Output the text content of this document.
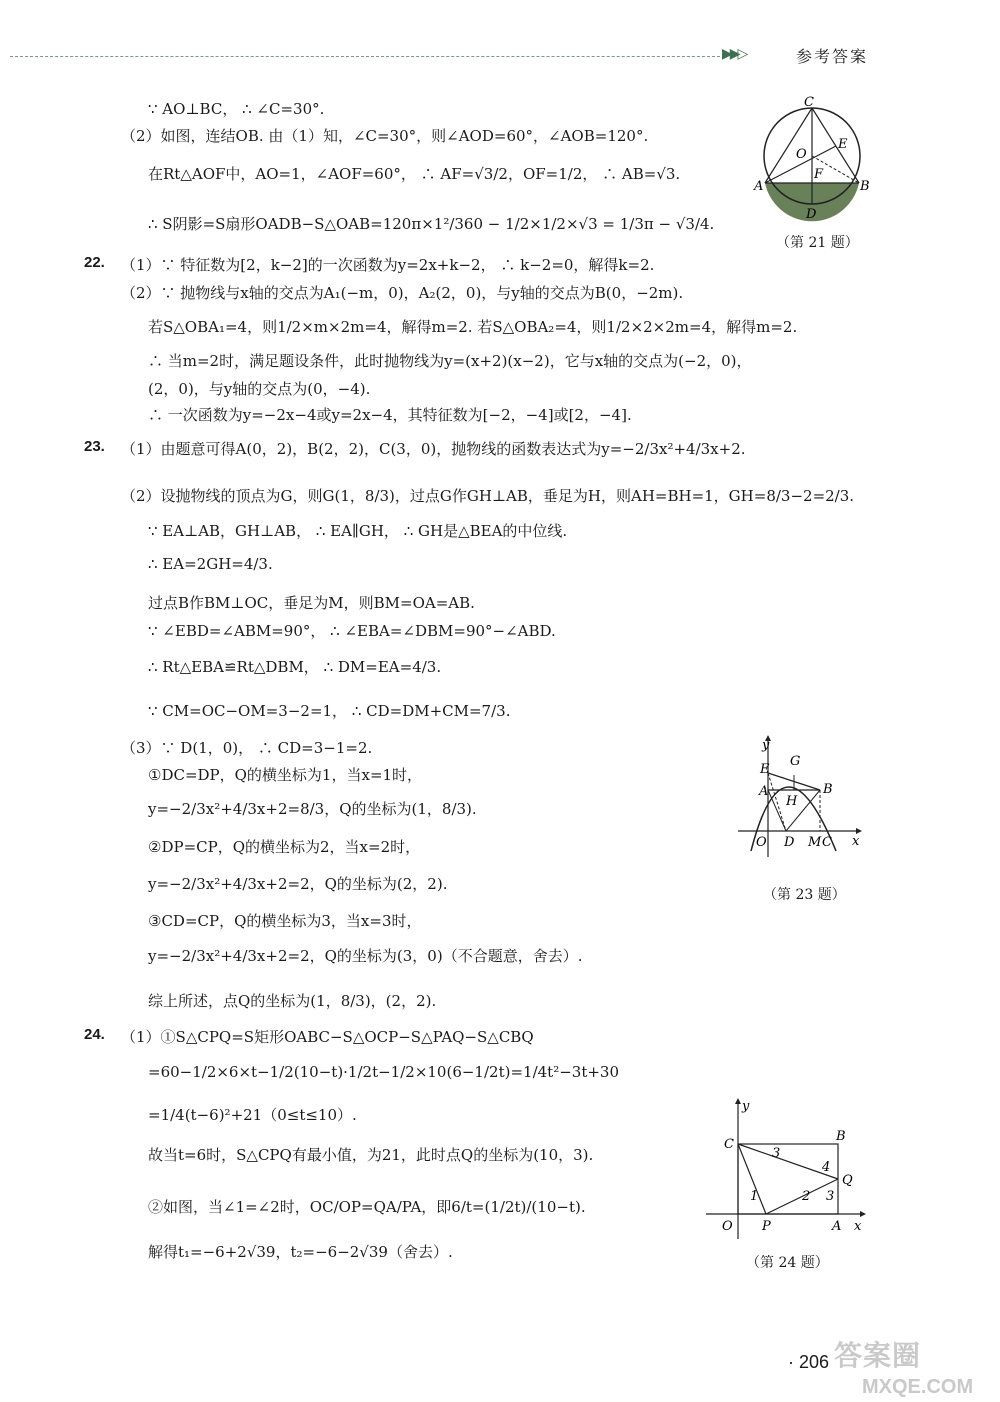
▶▶▷	参考答案
∵ AO⊥BC， ∴ ∠C=30°.
（2）如图，连结OB. 由（1）知，∠C=30°，则∠AOD=60°，∠AOB=120°.
在Rt△AOF中，AO=1，∠AOF=60°， ∴ AF=√3/2，OF=1/2， ∴ AB=√3.
∴ S阴影=S扇形OADB−S△OAB=120π×1²/360 − 1/2×1/2×√3 = 1/3π − √3/4.
22. （1）∵ 特征数为[2，k−2]的一次函数为y=2x+k−2， ∴ k−2=0，解得k=2.
（2）∵ 抛物线与x轴的交点为A₁(−m，0)，A₂(2，0)，与y轴的交点为B(0，−2m).
若S△OBA₁=4，则1/2×m×2m=4，解得m=2. 若S△OBA₂=4，则1/2×2×2m=4，解得m=2.
∴ 当m=2时，满足题设条件，此时抛物线为y=(x+2)(x−2)，它与x轴的交点为(−2，0)，
(2，0)，与y轴的交点为(0，−4).
∴ 一次函数为y=−2x−4或y=2x−4，其特征数为[−2，−4]或[2，−4].
23. （1）由题意可得A(0，2)，B(2，2)，C(3，0)，抛物线的函数表达式为y=−2/3x²+4/3x+2.
（2）设抛物线的顶点为G，则G(1，8/3)，过点G作GH⊥AB，垂足为H，则AH=BH=1，GH=8/3−2=2/3.
∵ EA⊥AB，GH⊥AB， ∴ EA∥GH， ∴ GH是△BEA的中位线.
∴ EA=2GH=4/3.
过点B作BM⊥OC，垂足为M，则BM=OA=AB.
∵ ∠EBD=∠ABM=90°， ∴ ∠EBA=∠DBM=90°−∠ABD.
∴ Rt△EBA≌Rt△DBM， ∴ DM=EA=4/3.
∵ CM=OC−OM=3−2=1， ∴ CD=DM+CM=7/3.
（3）∵ D(1，0)， ∴ CD=3−1=2.
①DC=DP，Q的横坐标为1，当x=1时，
y=−2/3x²+4/3x+2=8/3，Q的坐标为(1，8/3).
②DP=CP，Q的横坐标为2，当x=2时，
y=−2/3x²+4/3x+2=2，Q的坐标为(2，2).
③CD=CP，Q的横坐标为3，当x=3时，
y=−2/3x²+4/3x+2=2，Q的坐标为(3，0)（不合题意，舍去）.
综上所述，点Q的坐标为(1，8/3)，(2，2).
24. （1）①S△CPQ=S矩形OABC−S△OCP−S△PAQ−S△CBQ
=60−1/2×6×t−1/2(10−t)·1/2t−1/2×10(6−1/2t)=1/4t²−3t+30
=1/4(t−6)²+21（0≤t≤10）.
故当t=6时，S△CPQ有最小值，为21，此时点Q的坐标为(10，3).
②如图，当∠1=∠2时，OC/OP=QA/PA，即6/t=(1/2t)/(10−t).
解得t₁=−6+2√39，t₂=−6−2√39（舍去）.
C
E
O
F
A	B
D
（第 21 题）
y
E
G
A	B
H
O D M C x
（第 23 题）
y
C
B
3
4
Q
1	2 3
O P	A x
（第 24 题）
· 206 答案圈
MXQE.COM
